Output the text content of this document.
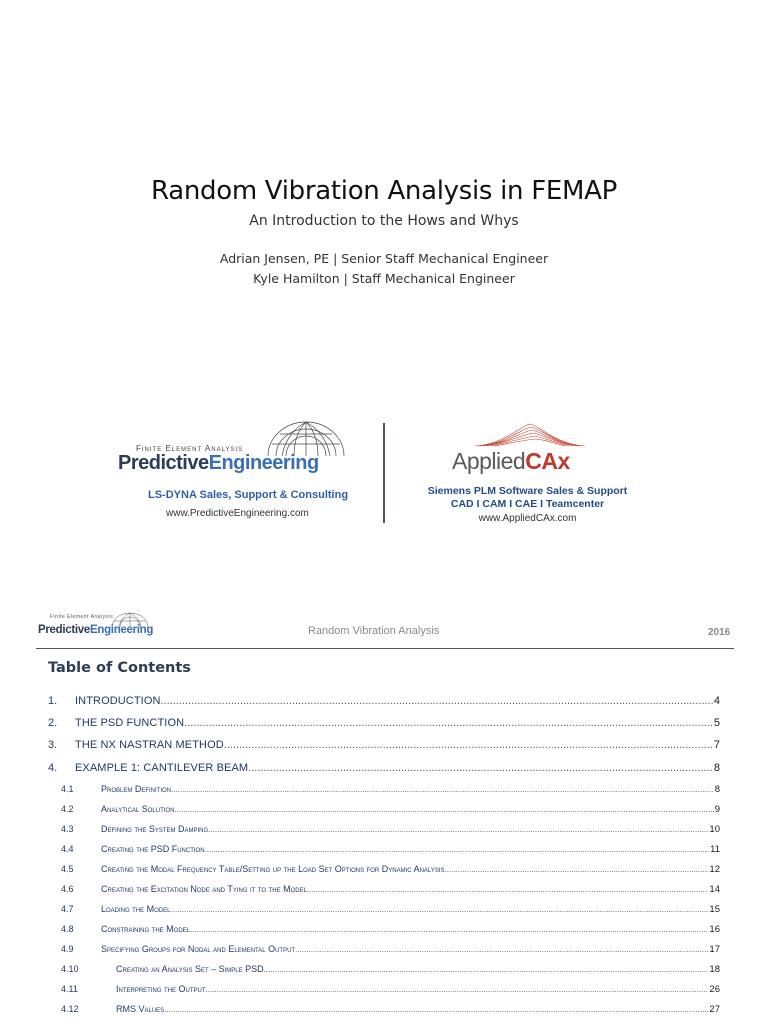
Random Vibration Analysis in FEMAP
An Introduction to the Hows and Whys
Adrian Jensen, PE | Senior Staff Mechanical Engineer
Kyle Hamilton | Staff Mechanical Engineer
Finite Element Analysis
PredictiveEngineering
LS-DYNA Sales, Support & Consulting
www.PredictiveEngineering.com
AppliedCAx
Siemens PLM Software Sales & Support
CAD I CAM I CAE I Teamcenter
www.AppliedCAx.com
Finite Element Analysis
PredictiveEngineering	Random Vibration Analysis	2016
Table of Contents
1.	INTRODUCTION .....	4
2.	THE PSD FUNCTION .....	5
3.	THE NX NASTRAN METHOD .....	7
4.	EXAMPLE 1: CANTILEVER BEAM .....	8
4.1	Problem Definition .....	8
4.2	Analytical Solution .....	9
4.3	Defining the System Damping .....	10
4.4	Creating the PSD Function .....	11
4.5	Creating the Modal Frequency Table/Setting up the Load Set Options for Dynamic Analysis .....	12
4.6	Creating the Excitation Node and Tying it to the Model .....	14
4.7	Loading the Model .....	15
4.8	Constraining the Model .....	16
4.9	Specifying Groups for Nodal and Elemental Output .....	17
4.10	Creating an Analysis Set – Simple PSD .....	18
4.11	Interpreting the Output .....	26
4.12	RMS Values .....	27
